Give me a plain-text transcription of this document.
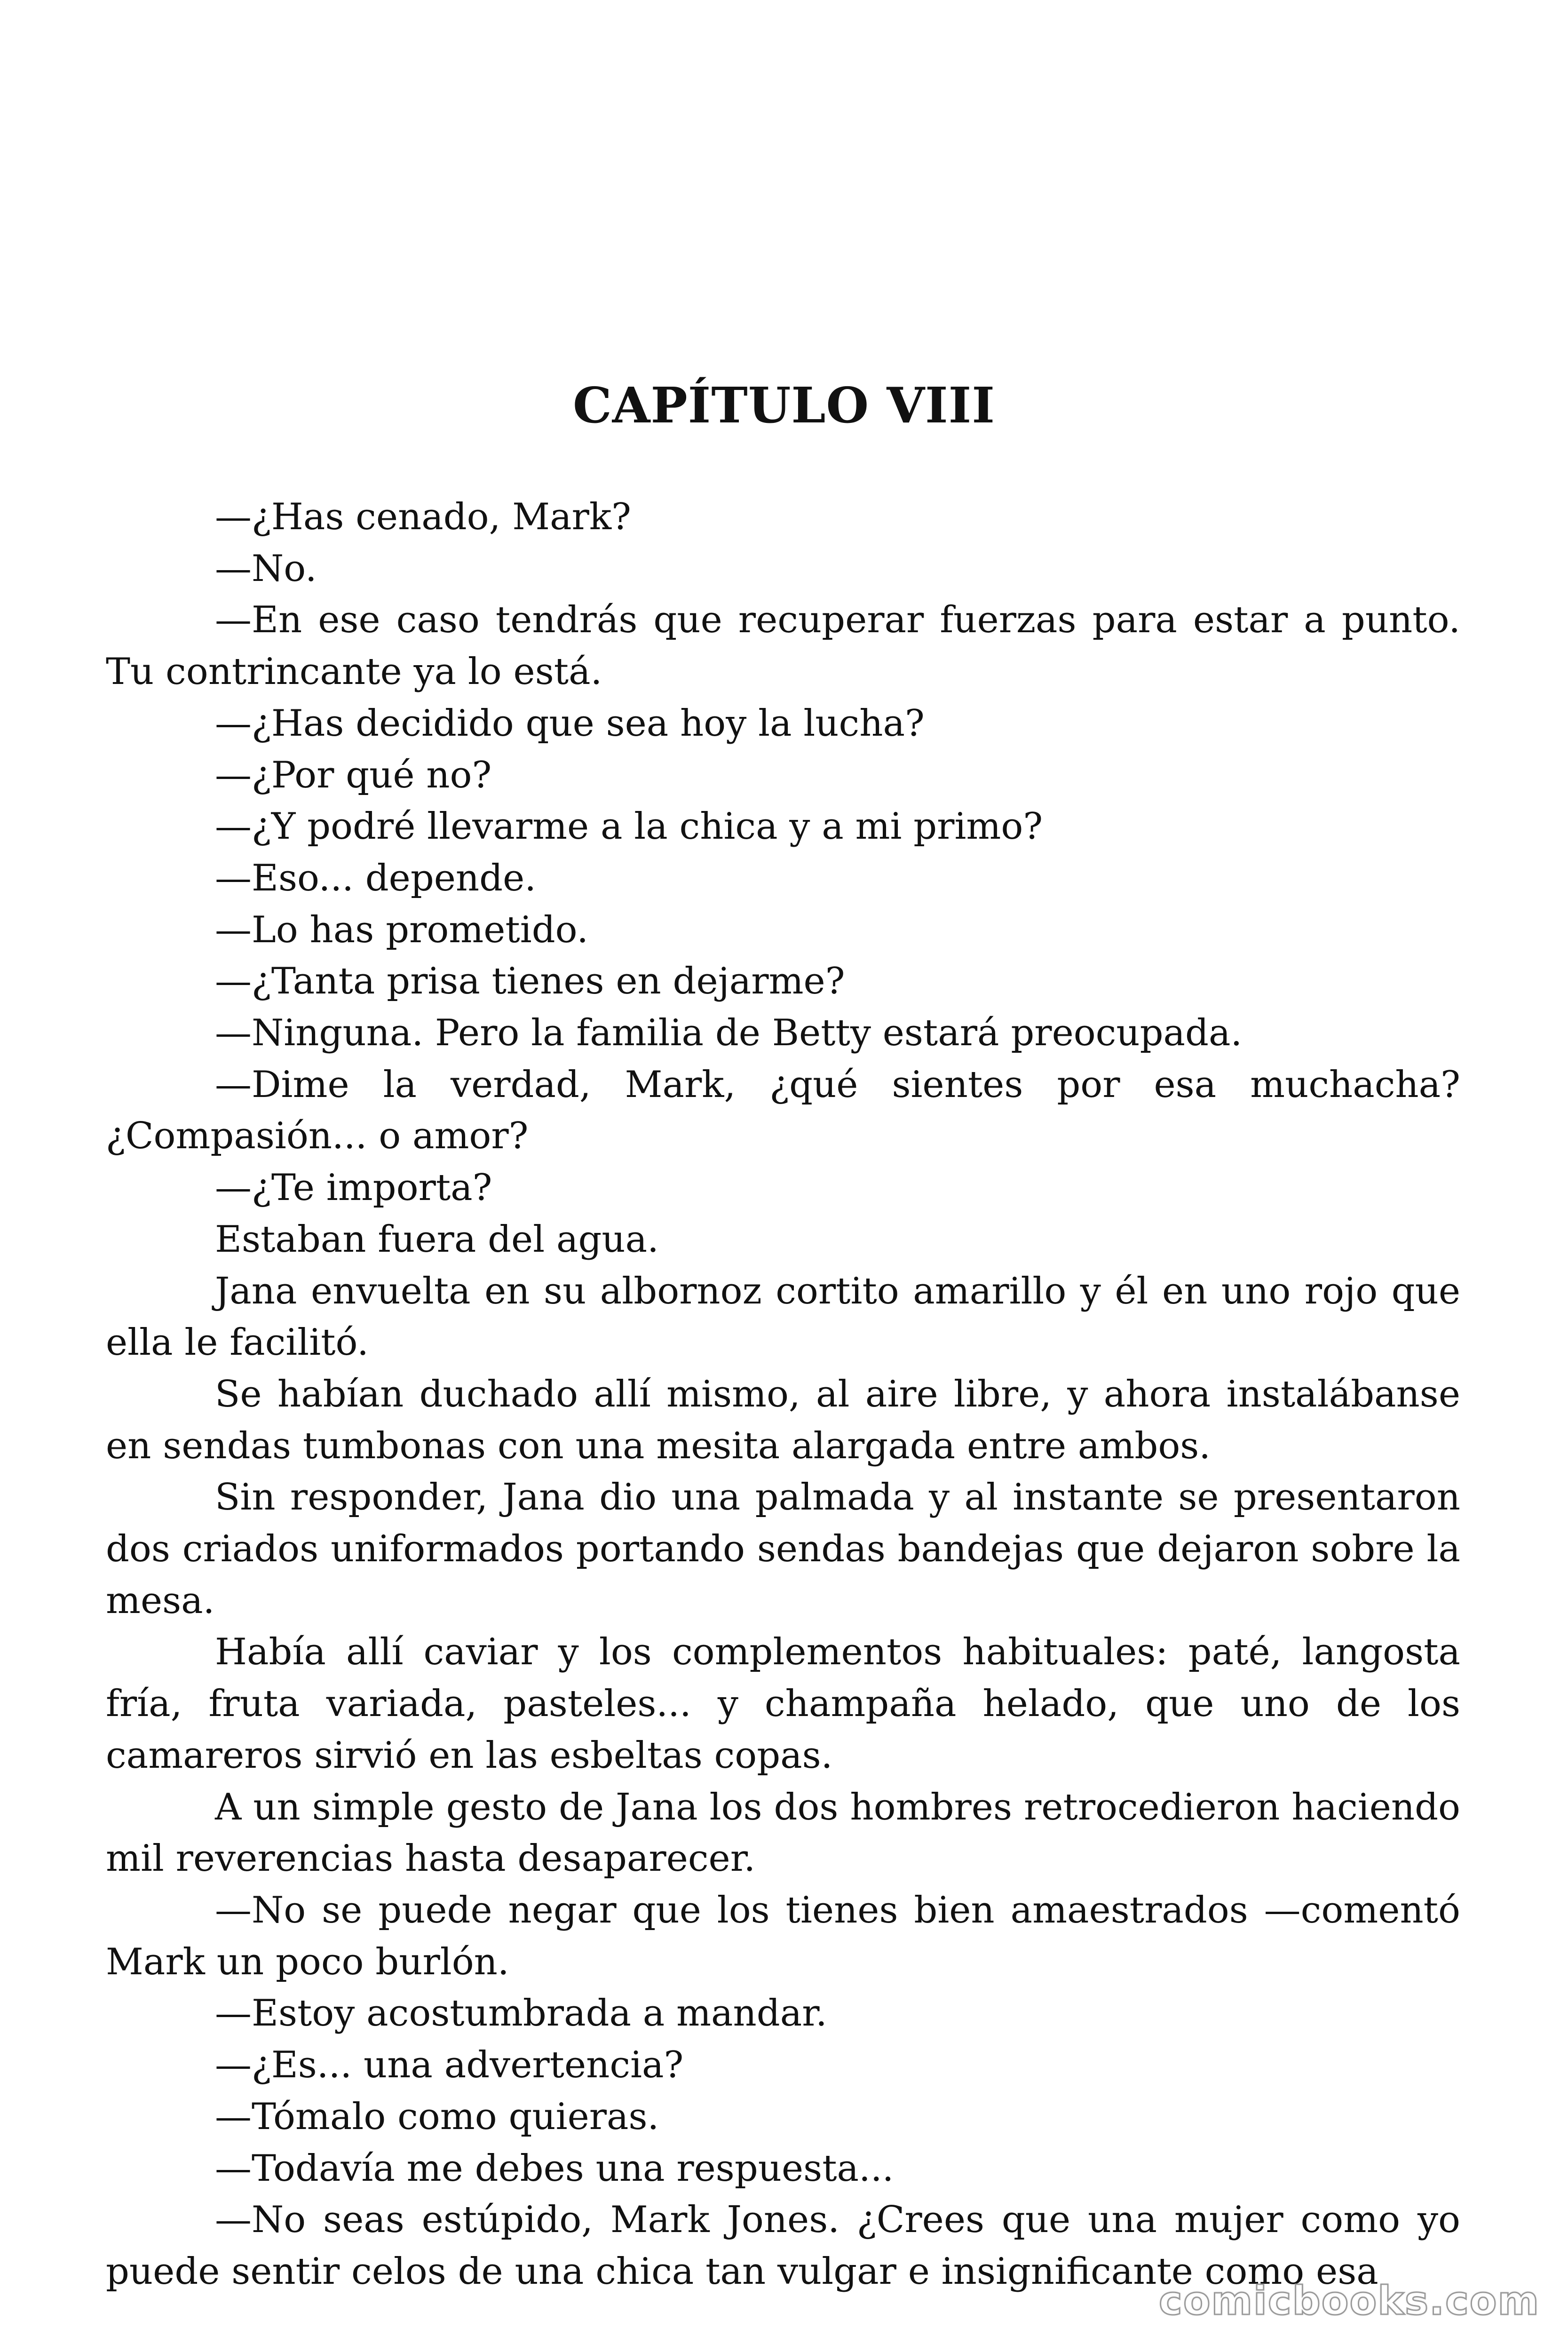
CAPÍTULO VIII

—¿Has cenado, Mark?

—No.

—En ese caso tendrás que recuperar fuerzas para estar a punto. Tu contrincante ya lo está.

—¿Has decidido que sea hoy la lucha?

—¿Por qué no?

—¿Y podré llevarme a la chica y a mi primo?

—Eso... depende.

—Lo has prometido.

—¿Tanta prisa tienes en dejarme?

—Ninguna. Pero la familia de Betty estará preocupada.

—Dime la verdad, Mark, ¿qué sientes por esa muchacha? ¿Compasión... o amor?

—¿Te importa?

Estaban fuera del agua.

Jana envuelta en su albornoz cortito amarillo y él en uno rojo que ella le facilitó.

Se habían duchado allí mismo, al aire libre, y ahora instalábanse en sendas tumbonas con una mesita alargada entre ambos.

Sin responder, Jana dio una palmada y al instante se presentaron dos criados uniformados portando sendas bandejas que dejaron sobre la mesa.

Había allí caviar y los complementos habituales: paté, langosta fría, fruta variada, pasteles... y champaña helado, que uno de los camareros sirvió en las esbeltas copas.

A un simple gesto de Jana los dos hombres retrocedieron haciendo mil reverencias hasta desaparecer.

—No se puede negar que los tienes bien amaestrados —comentó Mark un poco burlón.

—Estoy acostumbrada a mandar.

—¿Es... una advertencia?

—Tómalo como quieras.

—Todavía me debes una respuesta...

—No seas estúpido, Mark Jones. ¿Crees que una mujer como yo puede sentir celos de una chica tan vulgar e insignificante como esa

comicbooks.com
